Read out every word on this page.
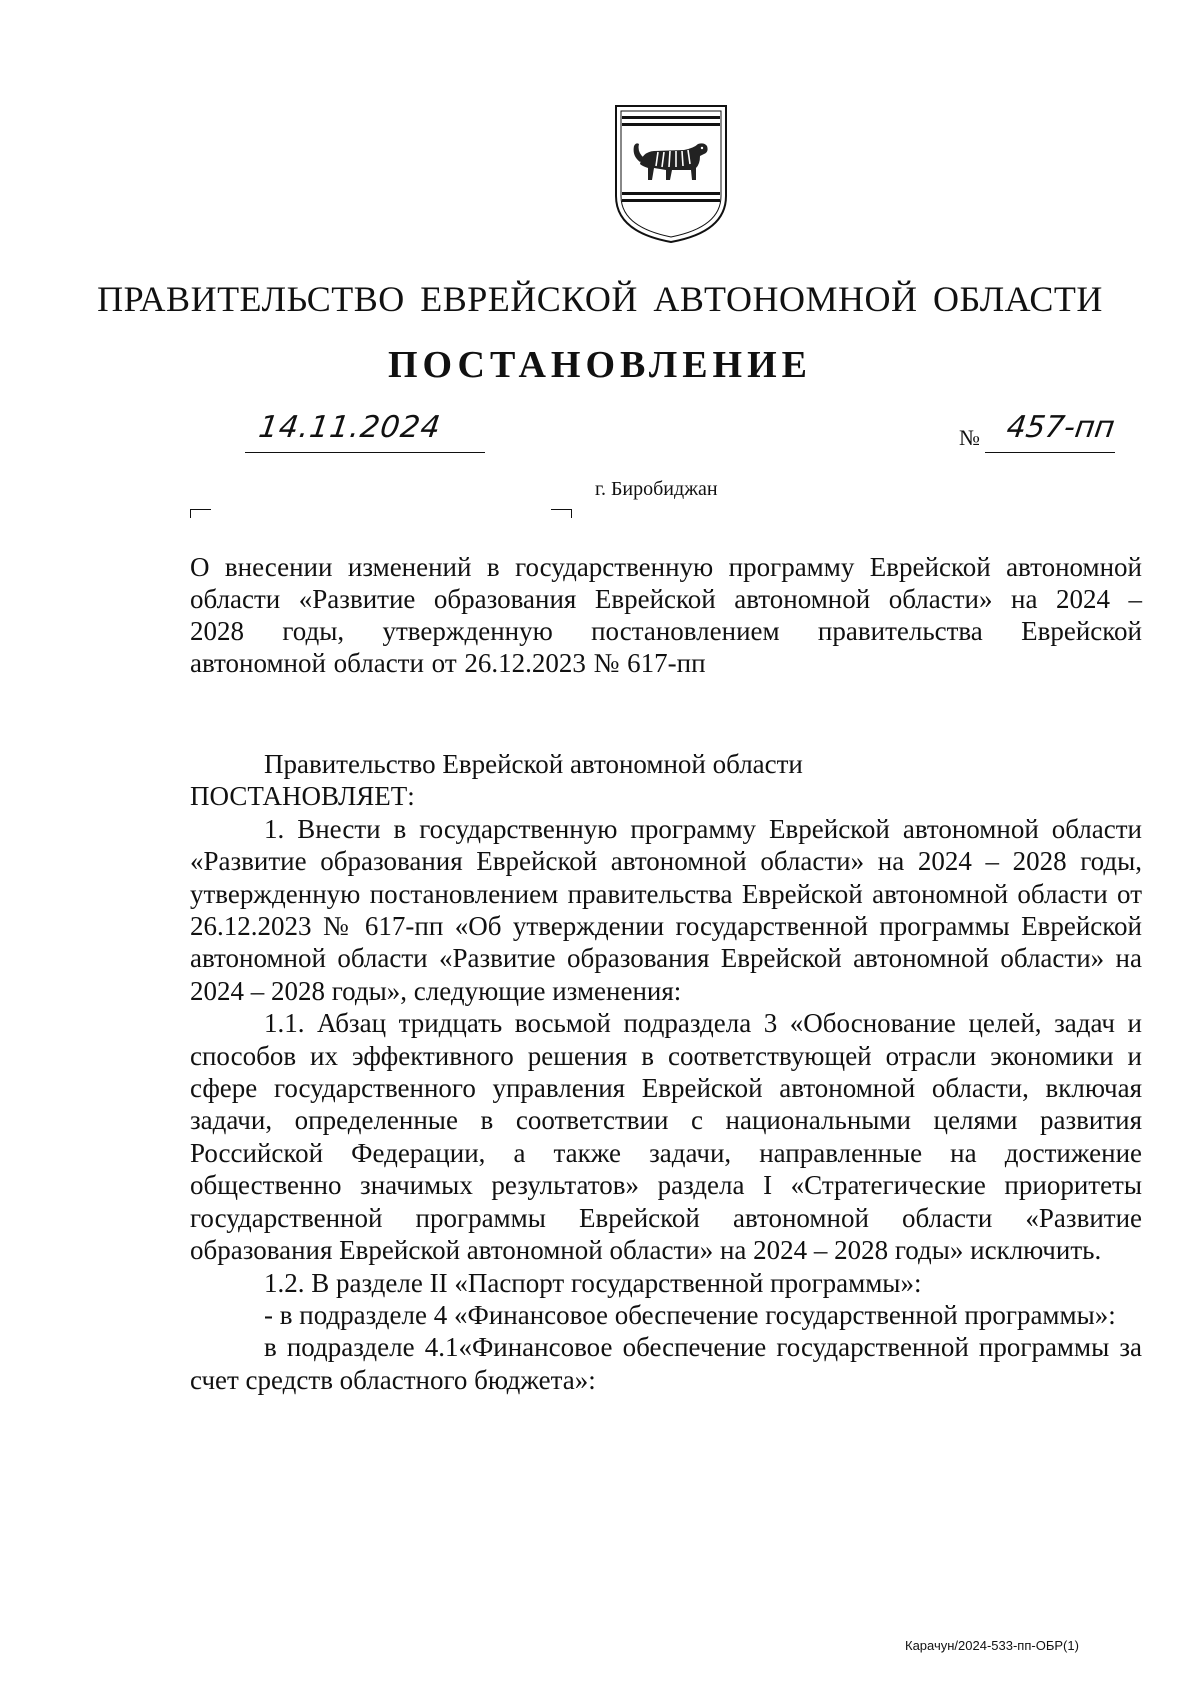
ПРАВИТЕЛЬСТВО ЕВРЕЙСКОЙ АВТОНОМНОЙ ОБЛАСТИ
ПОСТАНОВЛЕНИЕ
14.11.2024	№ 457-пп
г. Биробиджан
О внесении изменений в государственную программу Еврейской автономной
области «Развитие образования Еврейской автономной области» на 2024 –
2028 годы, утвержденную постановлением правительства Еврейской
автономной области от 26.12.2023 № 617-пп

Правительство Еврейской автономной области

ПОСТАНОВЛЯЕТ:

1. Внести в государственную программу Еврейской автономной области «Развитие образования Еврейской автономной области» на 2024 – 2028 годы, утвержденную постановлением правительства Еврейской автономной области от 26.12.2023 № 617-пп «Об утверждении государственной программы Еврейской автономной области «Развитие образования Еврейской автономной области» на 2024 – 2028 годы», следующие изменения:

1.1. Абзац тридцать восьмой подраздела 3 «Обоснование целей, задач и способов их эффективного решения в соответствующей отрасли экономики и сфере государственного управления Еврейской автономной области, включая задачи, определенные в соответствии с национальными целями развития Российской Федерации, а также задачи, направленные на достижение общественно значимых результатов» раздела I «Стратегические приоритеты государственной программы Еврейской автономной области «Развитие образования Еврейской автономной области» на 2024 – 2028 годы» исключить.

1.2. В разделе II «Паспорт государственной программы»:

- в подразделе 4 «Финансовое обеспечение государственной программы»:

в подразделе 4.1«Финансовое обеспечение государственной программы за счет средств областного бюджета»:

Карачун/2024-533-пп-ОБР(1)
